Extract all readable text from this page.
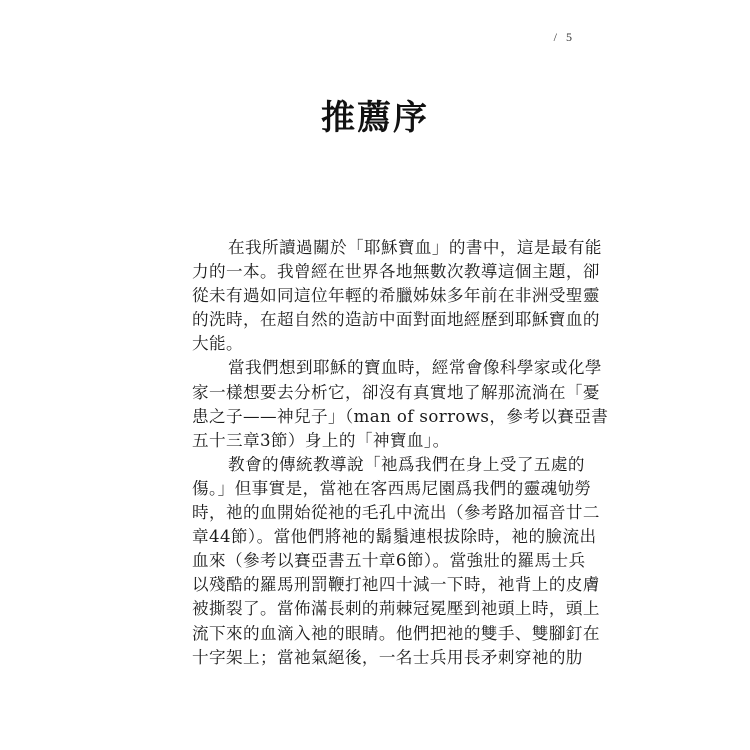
/ 5
推薦序
在我所讀過關於「耶穌寶血」的書中，這是最有能
力的一本。我曾經在世界各地無數次教導這個主題，卻
從未有過如同這位年輕的希臘姊妹多年前在非洲受聖靈
的洗時，在超自然的造訪中面對面地經歷到耶穌寶血的
大能。
當我們想到耶穌的寶血時，經常會像科學家或化學
家一樣想要去分析它，卻沒有真實地了解那流淌在「憂
患之子——神兒子」（man of sorrows，參考以賽亞書
五十三章3節）身上的「神寶血」。
教會的傳統教導說「祂爲我們在身上受了五處的
傷。」但事實是，當祂在客西馬尼園爲我們的靈魂劬勞
時，祂的血開始從祂的毛孔中流出（參考路加福音廿二
章44節）。當他們將祂的鬍鬚連根拔除時，祂的臉流出
血來（參考以賽亞書五十章6節）。當強壯的羅馬士兵
以殘酷的羅馬刑罰鞭打祂四十減一下時，祂背上的皮膚
被撕裂了。當佈滿長刺的荊棘冠冕壓到祂頭上時，頭上
流下來的血滴入祂的眼睛。他們把祂的雙手、雙腳釘在
十字架上；當祂氣絕後，一名士兵用長矛刺穿祂的肋
